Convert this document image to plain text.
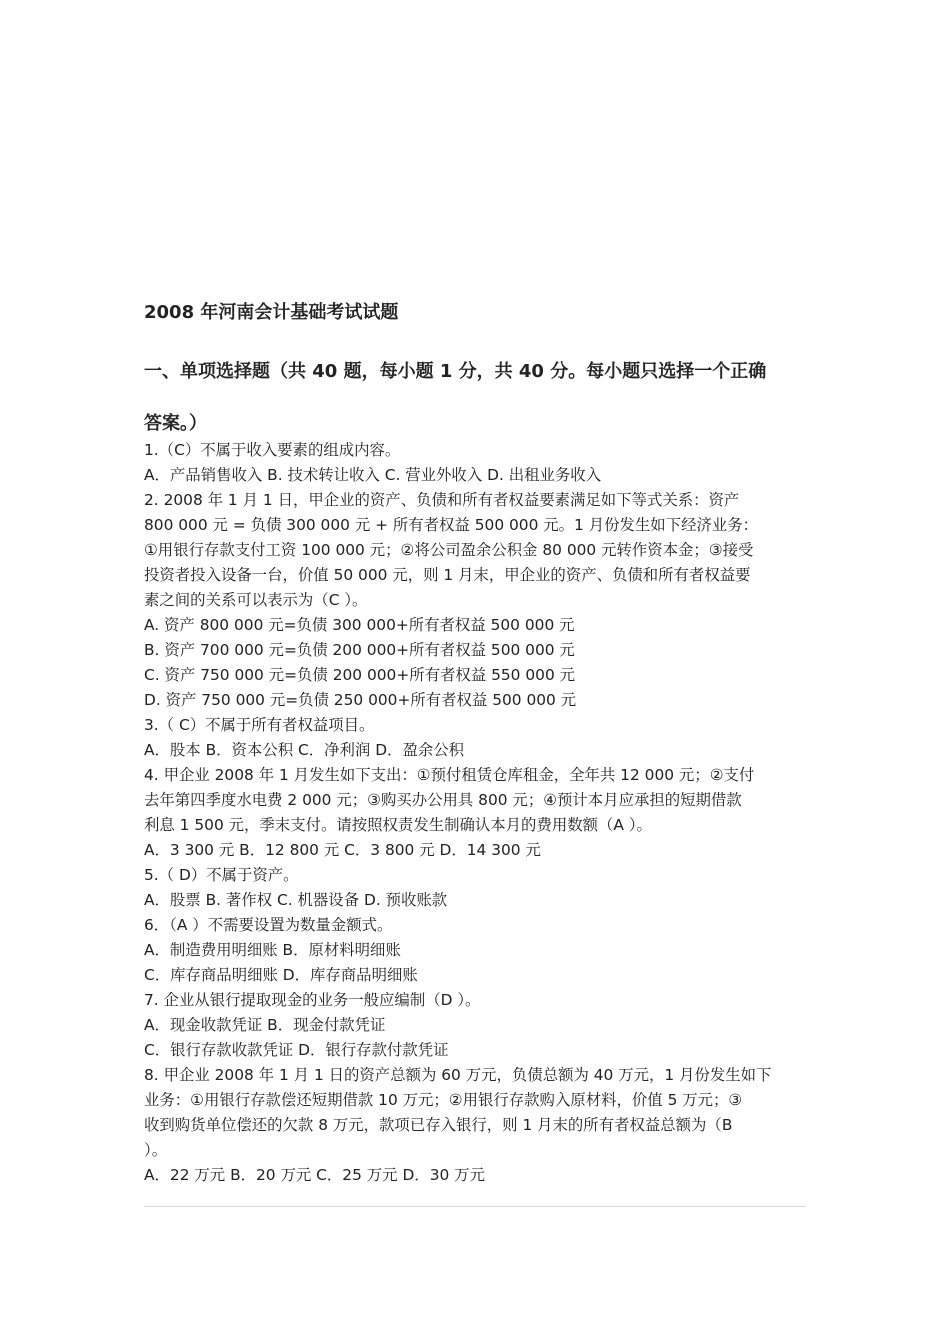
2008 年河南会计基础考试试题
一、单项选择题（共 40 题，每小题 1 分，共 40 分。每小题只选择一个正确
答案。）
1.（C）不属于收入要素的组成内容。
A．产品销售收入 B. 技术转让收入 C. 营业外收入 D. 出租业务收入
2. 2008 年 1 月 1 日，甲企业的资产、负债和所有者权益要素满足如下等式关系：资产
800 000 元 = 负债 300 000 元 + 所有者权益 500 000 元。1 月份发生如下经济业务：
①用银行存款支付工资 100 000 元；②将公司盈余公积金 80 000 元转作资本金；③接受
投资者投入设备一台，价值 50 000 元，则 1 月末，甲企业的资产、负债和所有者权益要
素之间的关系可以表示为（C ）。
A. 资产 800 000 元=负债 300 000+所有者权益 500 000 元
B. 资产 700 000 元=负债 200 000+所有者权益 500 000 元
C. 资产 750 000 元=负债 200 000+所有者权益 550 000 元
D. 资产 750 000 元=负债 250 000+所有者权益 500 000 元
3.（ C）不属于所有者权益项目。
A．股本 B．资本公积 C．净利润 D．盈余公积
4. 甲企业 2008 年 1 月发生如下支出：①预付租赁仓库租金，全年共 12 000 元；②支付
去年第四季度水电费 2 000 元；③购买办公用具 800 元；④预计本月应承担的短期借款
利息 1 500 元，季末支付。请按照权责发生制确认本月的费用数额（A ）。
A．3 300 元 B．12 800 元 C．3 800 元 D．14 300 元
5.（ D）不属于资产。
A．股票 B. 著作权 C. 机器设备 D. 预收账款
6．（A ）不需要设置为数量金额式。
A．制造费用明细账 B．原材料明细账
C．库存商品明细账 D．库存商品明细账
7. 企业从银行提取现金的业务一般应编制（D ）。
A．现金收款凭证 B．现金付款凭证
C．银行存款收款凭证 D．银行存款付款凭证
8. 甲企业 2008 年 1 月 1 日的资产总额为 60 万元，负债总额为 40 万元，1 月份发生如下
业务：①用银行存款偿还短期借款 10 万元；②用银行存款购入原材料，价值 5 万元；③
收到购货单位偿还的欠款 8 万元，款项已存入银行，则 1 月末的所有者权益总额为（B
）。
A．22 万元 B．20 万元 C．25 万元 D．30 万元
